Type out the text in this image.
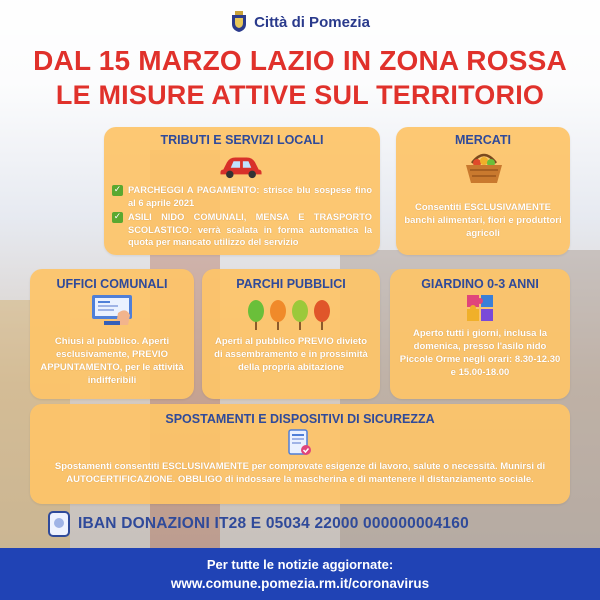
Città di Pomezia
DAL 15 MARZO LAZIO IN ZONA ROSSA
LE MISURE ATTIVE SUL TERRITORIO
TRIBUTI E SERVIZI LOCALI
✓ PARCHEGGI A PAGAMENTO: strisce blu sospese fino al 6 aprile 2021
✓ ASILI NIDO COMUNALI, MENSA E TRASPORTO SCOLASTICO: verrà scalata in forma automatica la quota per mancato utilizzo del servizio
MERCATI
Consentiti ESCLUSIVAMENTE banchi alimentari, fiori e produttori agricoli
UFFICI COMUNALI
Chiusi al pubblico. Aperti esclusivamente, PREVIO APPUNTAMENTO, per le attività indifferibili
PARCHI PUBBLICI
Aperti al pubblico PREVIO divieto di assembramento e in prossimità della propria abitazione
GIARDINO 0-3 ANNI
Aperto tutti i giorni, inclusa la domenica, presso l'asilo nido Piccole Orme negli orari: 8.30-12.30 e 15.00-18.00
SPOSTAMENTI E DISPOSITIVI DI SICUREZZA
Spostamenti consentiti ESCLUSIVAMENTE per comprovate esigenze di lavoro, salute o necessità. Munirsi di AUTOCERTIFICAZIONE. OBBLIGO di indossare la mascherina e di mantenere il distanziamento sociale.
IBAN DONAZIONI IT28 E 05034 22000 000000004160
Per tutte le notizie aggiornate:
www.comune.pomezia.rm.it/coronavirus
